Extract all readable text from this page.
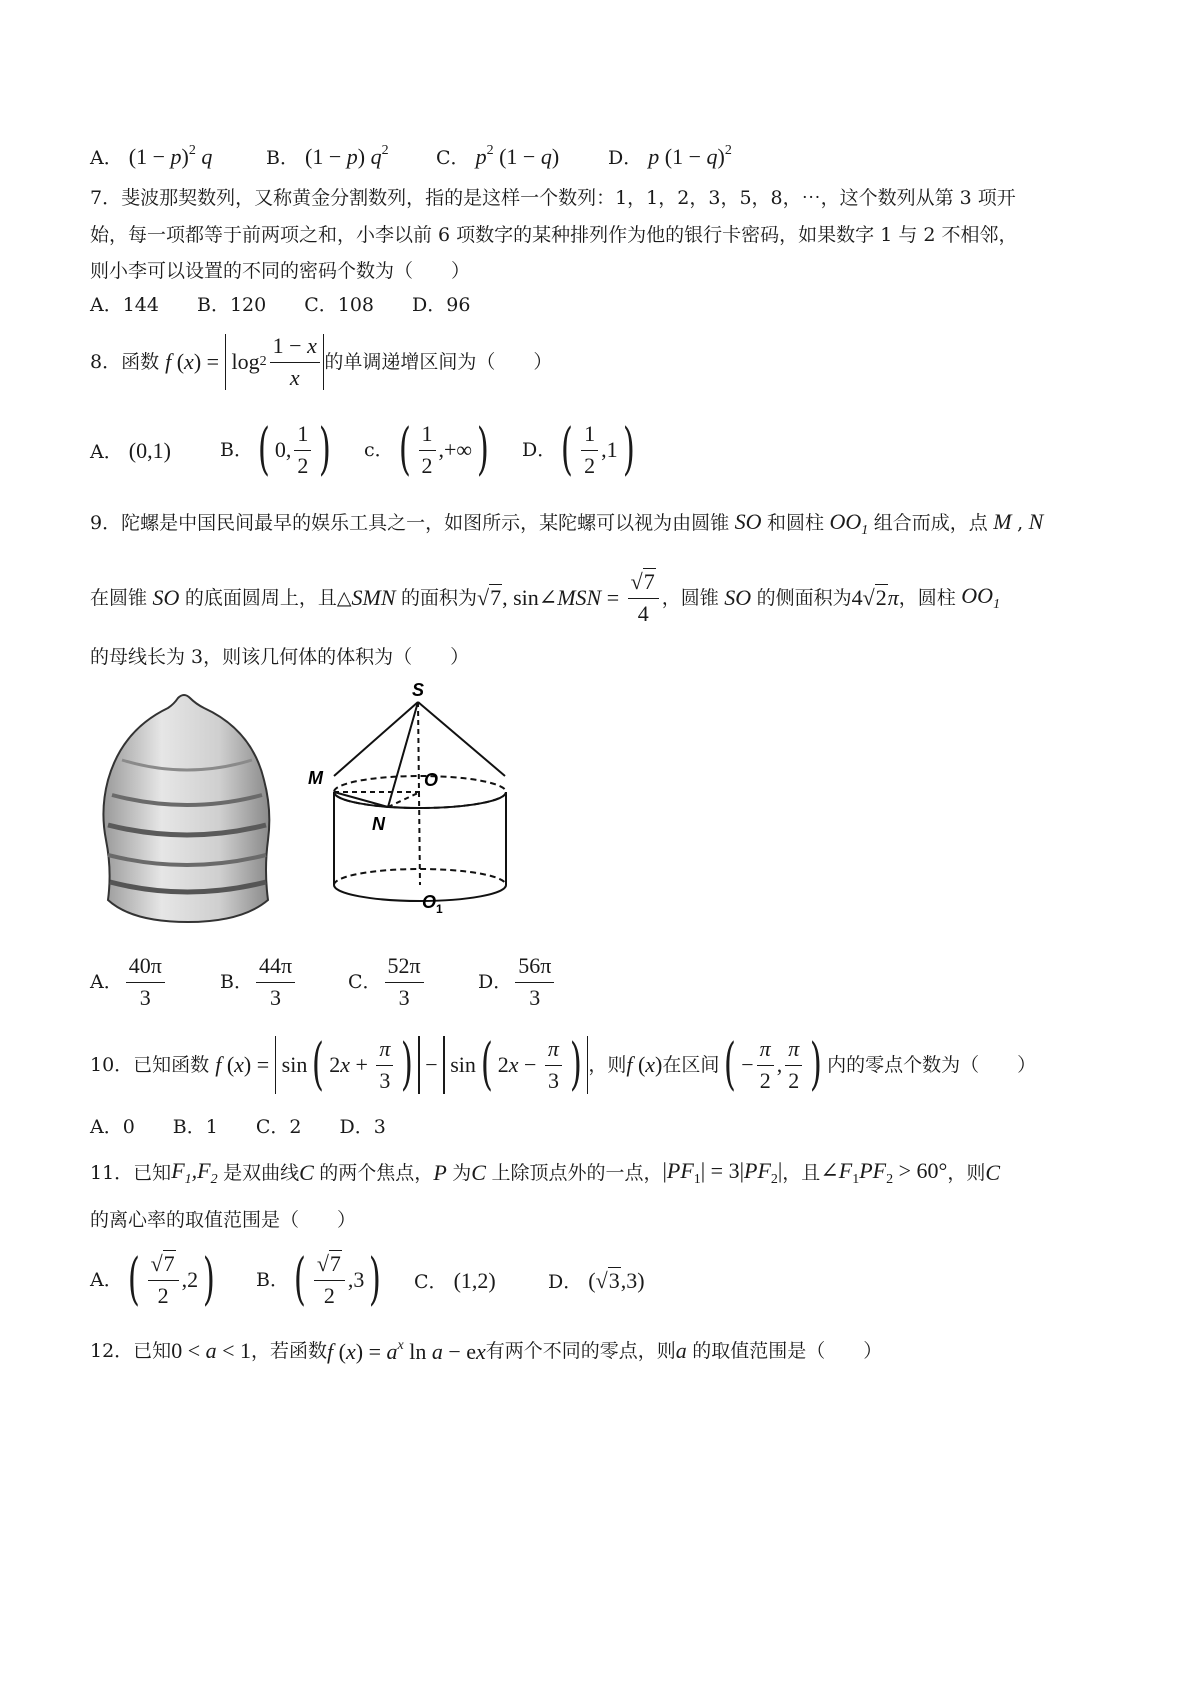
A． $(1 - p)^2$ q	B． (1 − p) $q^2$ C． $p^2$ (1 − q)	D． p $(1 - q)^2$
7．斐波那契数列，又称黄金分割数列，指的是这样一个数列：1，1，2，3，5，8，⋯，这个数列从第 3 项开
始，每一项都等于前两项之和，小李以前 6 项数字的某种排列作为他的银行卡密码，如果数字 1 与 2 不相邻，
则小李可以设置的不同的密码个数为（　　）
A．144　　B．120　　C．108　　D．96
8．函数 f ( x ) =
$\log 2 \frac{1 - x}{x}$ 的单调递增区间为（　　）
A． (0,1)	B． ( 0, $\frac{1}{2}$ ) c． ( $\frac{1}{2}$ ,+∞ ) D． ( $\frac{1}{2} ,1$ )
9．陀螺是中国民间最早的娱乐工具之一，如图所示，某陀螺可以视为由圆锥 SO 和圆柱 $OO_1$ 组合而成，点 M , N
在圆锥 SO 的底面圆周上，且△ SMN 的面积为 √ 7 , sin∠ MSN = $\frac{√7}{4}$ ，圆锥 SO 的侧面积为 4√2π ，圆柱 $OO_1$
的母线长为 3，则该几何体的体积为（　　）
S
M	O
N
O 1
A． $\frac{40\pi}{3}$	B． $\frac{44\pi}{3}$	C． $\frac{52\pi}{3}$	D． $\frac{56\pi}{3}$
10．已知函数 f ( x ) =
sin ( 2 $x + \frac{\pi}{3}$ ) −
sin ( 2 $x - \frac{\pi}{3}$ ) ，则 f (x) 在区间 ( − $\frac{\pi}{2}$ , $\frac{\pi}{2}$ ) 内的零点个数为（　　）
A．0　　B．1　　C．2　　D．3
11．已知 $F_1,F_2$ 是双曲线 C 的两个焦点， P 为 C 上除顶点外的一点， $|PF_1| = 3|PF_2|$ ，且 $\angle F_1PF_2 > 60^\circ$ ，则 C
的离心率的取值范围是（　　）
A． ( $\frac{√7}{2} ,2$ ) B． ( $\frac{√7}{2} ,3$ ) C． (1,2)	D． (√3,3)
12．已知 0 < a < 1 ，若函数 f $(x) = a^x$ ln a − ex 有两个不同的零点，则 a 的取值范围是（　　）
